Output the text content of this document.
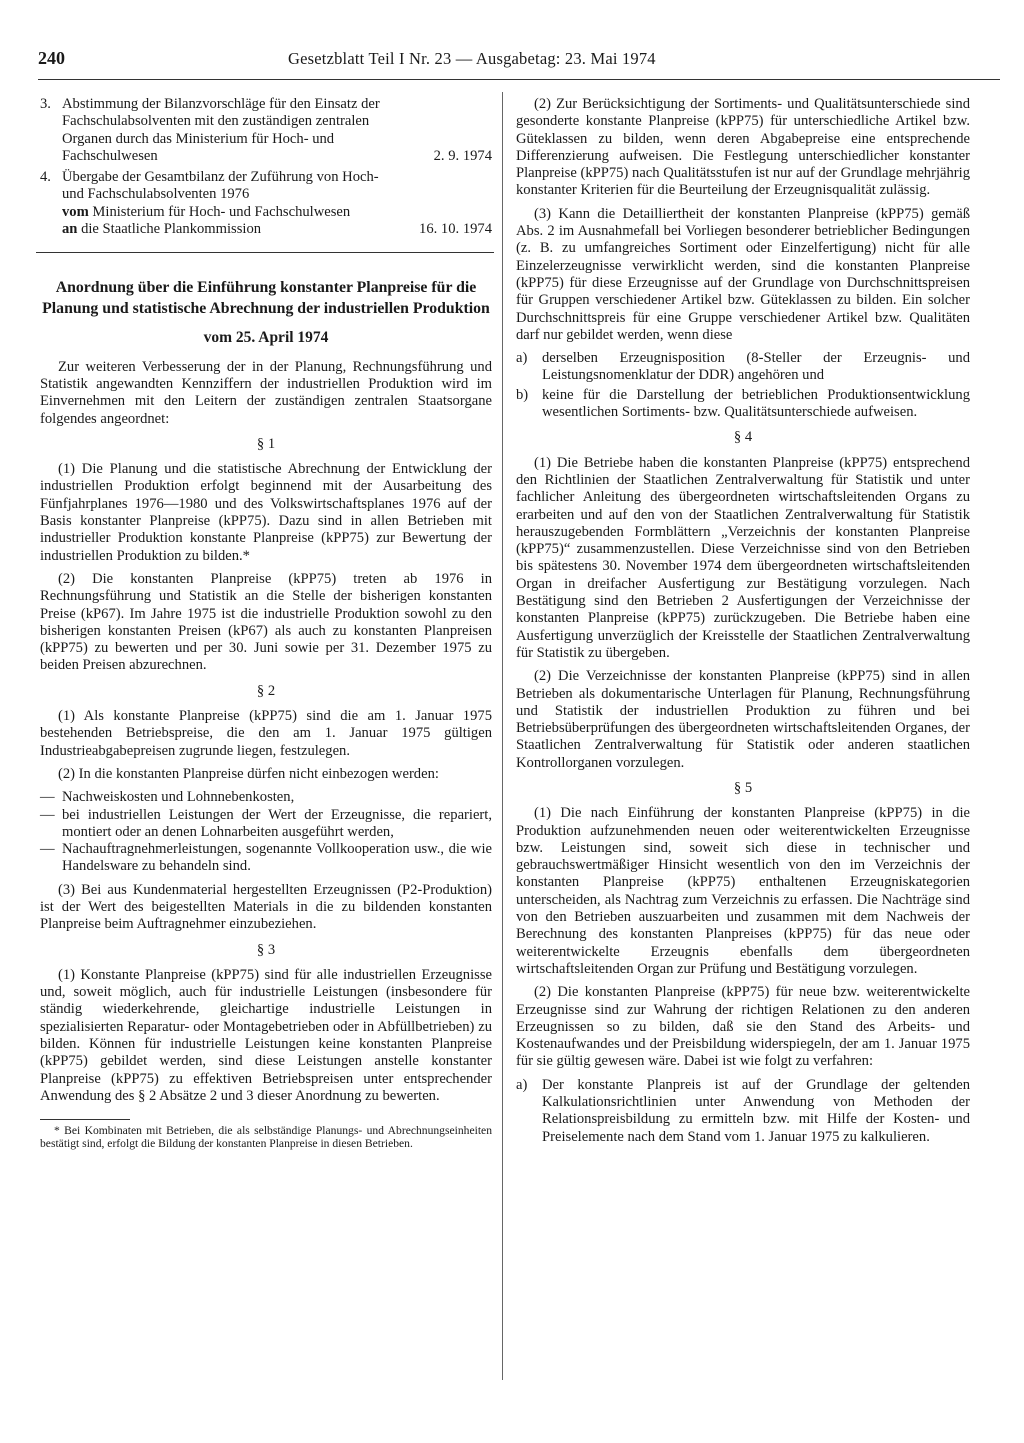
240	Gesetzblatt Teil I Nr. 23 — Ausgabetag: 23. Mai 1974
3. Abstimmung der Bilanzvorschläge für den Einsatz der Fachschulabsolventen mit den zuständigen zentralen Organen durch das Ministerium für Hoch- und Fachschulwesen	2. 9. 1974
4. Übergabe der Gesamtbilanz der Zuführung von Hoch- und Fachschulabsolventen 1976
vom Ministerium für Hoch- und Fachschulwesen
an die Staatliche Plankommission	16. 10. 1974
Anordnung über die Einführung konstanter Planpreise für die Planung und statistische Abrechnung der industriellen Produktion
vom 25. April 1974

Zur weiteren Verbesserung der in der Planung, Rechnungsführung und Statistik angewandten Kennziffern der industriellen Produktion wird im Einvernehmen mit den Leitern der zuständigen zentralen Staatsorgane folgendes angeordnet:

§ 1

(1) Die Planung und die statistische Abrechnung der Entwicklung der industriellen Produktion erfolgt beginnend mit der Ausarbeitung des Fünfjahrplanes 1976—1980 und des Volkswirtschaftsplanes 1976 auf der Basis konstanter Planpreise (kPP75). Dazu sind in allen Betrieben mit industrieller Produktion konstante Planpreise (kPP75) zur Bewertung der industriellen Produktion zu bilden.*

(2) Die konstanten Planpreise (kPP75) treten ab 1976 in Rechnungsführung und Statistik an die Stelle der bisherigen konstanten Preise (kP67). Im Jahre 1975 ist die industrielle Produktion sowohl zu den bisherigen konstanten Preisen (kP67) als auch zu konstanten Planpreisen (kPP75) zu bewerten und per 30. Juni sowie per 31. Dezember 1975 zu beiden Preisen abzurechnen.

§ 2

(1) Als konstante Planpreise (kPP75) sind die am 1. Januar 1975 bestehenden Betriebspreise, die den am 1. Januar 1975 gültigen Industrieabgabepreisen zugrunde liegen, festzulegen.

(2) In die konstanten Planpreise dürfen nicht einbezogen werden:

— Nachweiskosten und Lohnnebenkosten,
— bei industriellen Leistungen der Wert der Erzeugnisse, die repariert, montiert oder an denen Lohnarbeiten ausgeführt werden,
— Nachauftragnehmerleistungen, sogenannte Vollkooperation usw., die wie Handelsware zu behandeln sind.

(3) Bei aus Kundenmaterial hergestellten Erzeugnissen (P2-Produktion) ist der Wert des beigestellten Materials in die zu bildenden konstanten Planpreise beim Auftragnehmer einzubeziehen.

§ 3

(1) Konstante Planpreise (kPP75) sind für alle industriellen Erzeugnisse und, soweit möglich, auch für industrielle Leistungen (insbesondere für ständig wiederkehrende, gleichartige industrielle Leistungen in spezialisierten Reparatur- oder Montagebetrieben oder in Abfüllbetrieben) zu bilden. Können für industrielle Leistungen keine konstanten Planpreise (kPP75) gebildet werden, sind diese Leistungen anstelle konstanter Planpreise (kPP75) zu effektiven Betriebspreisen unter entsprechender Anwendung des § 2 Absätze 2 und 3 dieser Anordnung zu bewerten.

* Bei Kombinaten mit Betrieben, die als selbständige Planungs- und Abrechnungseinheiten bestätigt sind, erfolgt die Bildung der konstanten Planpreise in diesen Betrieben.

(2) Zur Berücksichtigung der Sortiments- und Qualitätsunterschiede sind gesonderte konstante Planpreise (kPP75) für unterschiedliche Artikel bzw. Güteklassen zu bilden, wenn deren Abgabepreise eine entsprechende Differenzierung aufweisen. Die Festlegung unterschiedlicher konstanter Planpreise (kPP75) nach Qualitätsstufen ist nur auf der Grundlage mehrjährig konstanter Kriterien für die Beurteilung der Erzeugnisqualität zulässig.

(3) Kann die Detailliertheit der konstanten Planpreise (kPP75) gemäß Abs. 2 im Ausnahmefall bei Vorliegen besonderer betrieblicher Bedingungen (z. B. zu umfangreiches Sortiment oder Einzelfertigung) nicht für alle Einzelerzeugnisse verwirklicht werden, sind die konstanten Planpreise (kPP75) für diese Erzeugnisse auf der Grundlage von Durchschnittspreisen für Gruppen verschiedener Artikel bzw. Güteklassen zu bilden. Ein solcher Durchschnittspreis für eine Gruppe verschiedener Artikel bzw. Qualitäten darf nur gebildet werden, wenn diese

a) derselben Erzeugnisposition (8-Steller der Erzeugnis- und Leistungsnomenklatur der DDR) angehören und
b) keine für die Darstellung der betrieblichen Produktionsentwicklung wesentlichen Sortiments- bzw. Qualitätsunterschiede aufweisen.
§ 4

(1) Die Betriebe haben die konstanten Planpreise (kPP75) entsprechend den Richtlinien der Staatlichen Zentralverwaltung für Statistik und unter fachlicher Anleitung des übergeordneten wirtschaftsleitenden Organs zu erarbeiten und auf den von der Staatlichen Zentralverwaltung für Statistik herauszugebenden Formblättern „Verzeichnis der konstanten Planpreise (kPP75)“ zusammenzustellen. Diese Verzeichnisse sind von den Betrieben bis spätestens 30. November 1974 dem übergeordneten wirtschaftsleitenden Organ in dreifacher Ausfertigung zur Bestätigung vorzulegen. Nach Bestätigung sind den Betrieben 2 Ausfertigungen der Verzeichnisse der konstanten Planpreise (kPP75) zurückzugeben. Die Betriebe haben eine Ausfertigung unverzüglich der Kreisstelle der Staatlichen Zentralverwaltung für Statistik zu übergeben.

(2) Die Verzeichnisse der konstanten Planpreise (kPP75) sind in allen Betrieben als dokumentarische Unterlagen für Planung, Rechnungsführung und Statistik der industriellen Produktion zu führen und bei Betriebsüberprüfungen des übergeordneten wirtschaftsleitenden Organes, der Staatlichen Zentralverwaltung für Statistik oder anderen staatlichen Kontrollorganen vorzulegen.

§ 5

(1) Die nach Einführung der konstanten Planpreise (kPP75) in die Produktion aufzunehmenden neuen oder weiterentwickelten Erzeugnisse bzw. Leistungen sind, soweit sich diese in technischer und gebrauchswertmäßiger Hinsicht wesentlich von den im Verzeichnis der konstanten Planpreise (kPP75) enthaltenen Erzeugniskategorien unterscheiden, als Nachtrag zum Verzeichnis zu erfassen. Die Nachträge sind von den Betrieben auszuarbeiten und zusammen mit dem Nachweis der Berechnung des konstanten Planpreises (kPP75) für das neue oder weiterentwickelte Erzeugnis ebenfalls dem übergeordneten wirtschaftsleitenden Organ zur Prüfung und Bestätigung vorzulegen.

(2) Die konstanten Planpreise (kPP75) für neue bzw. weiterentwickelte Erzeugnisse sind zur Wahrung der richtigen Relationen zu den anderen Erzeugnissen so zu bilden, daß sie den Stand des Arbeits- und Kostenaufwandes und der Preisbildung widerspiegeln, der am 1. Januar 1975 für sie gültig gewesen wäre. Dabei ist wie folgt zu verfahren:

a) Der konstante Planpreis ist auf der Grundlage der geltenden Kalkulationsrichtlinien unter Anwendung von Methoden der Relationspreisbildung zu ermitteln bzw. mit Hilfe der Kosten- und Preiselemente nach dem Stand vom 1. Januar 1975 zu kalkulieren.
